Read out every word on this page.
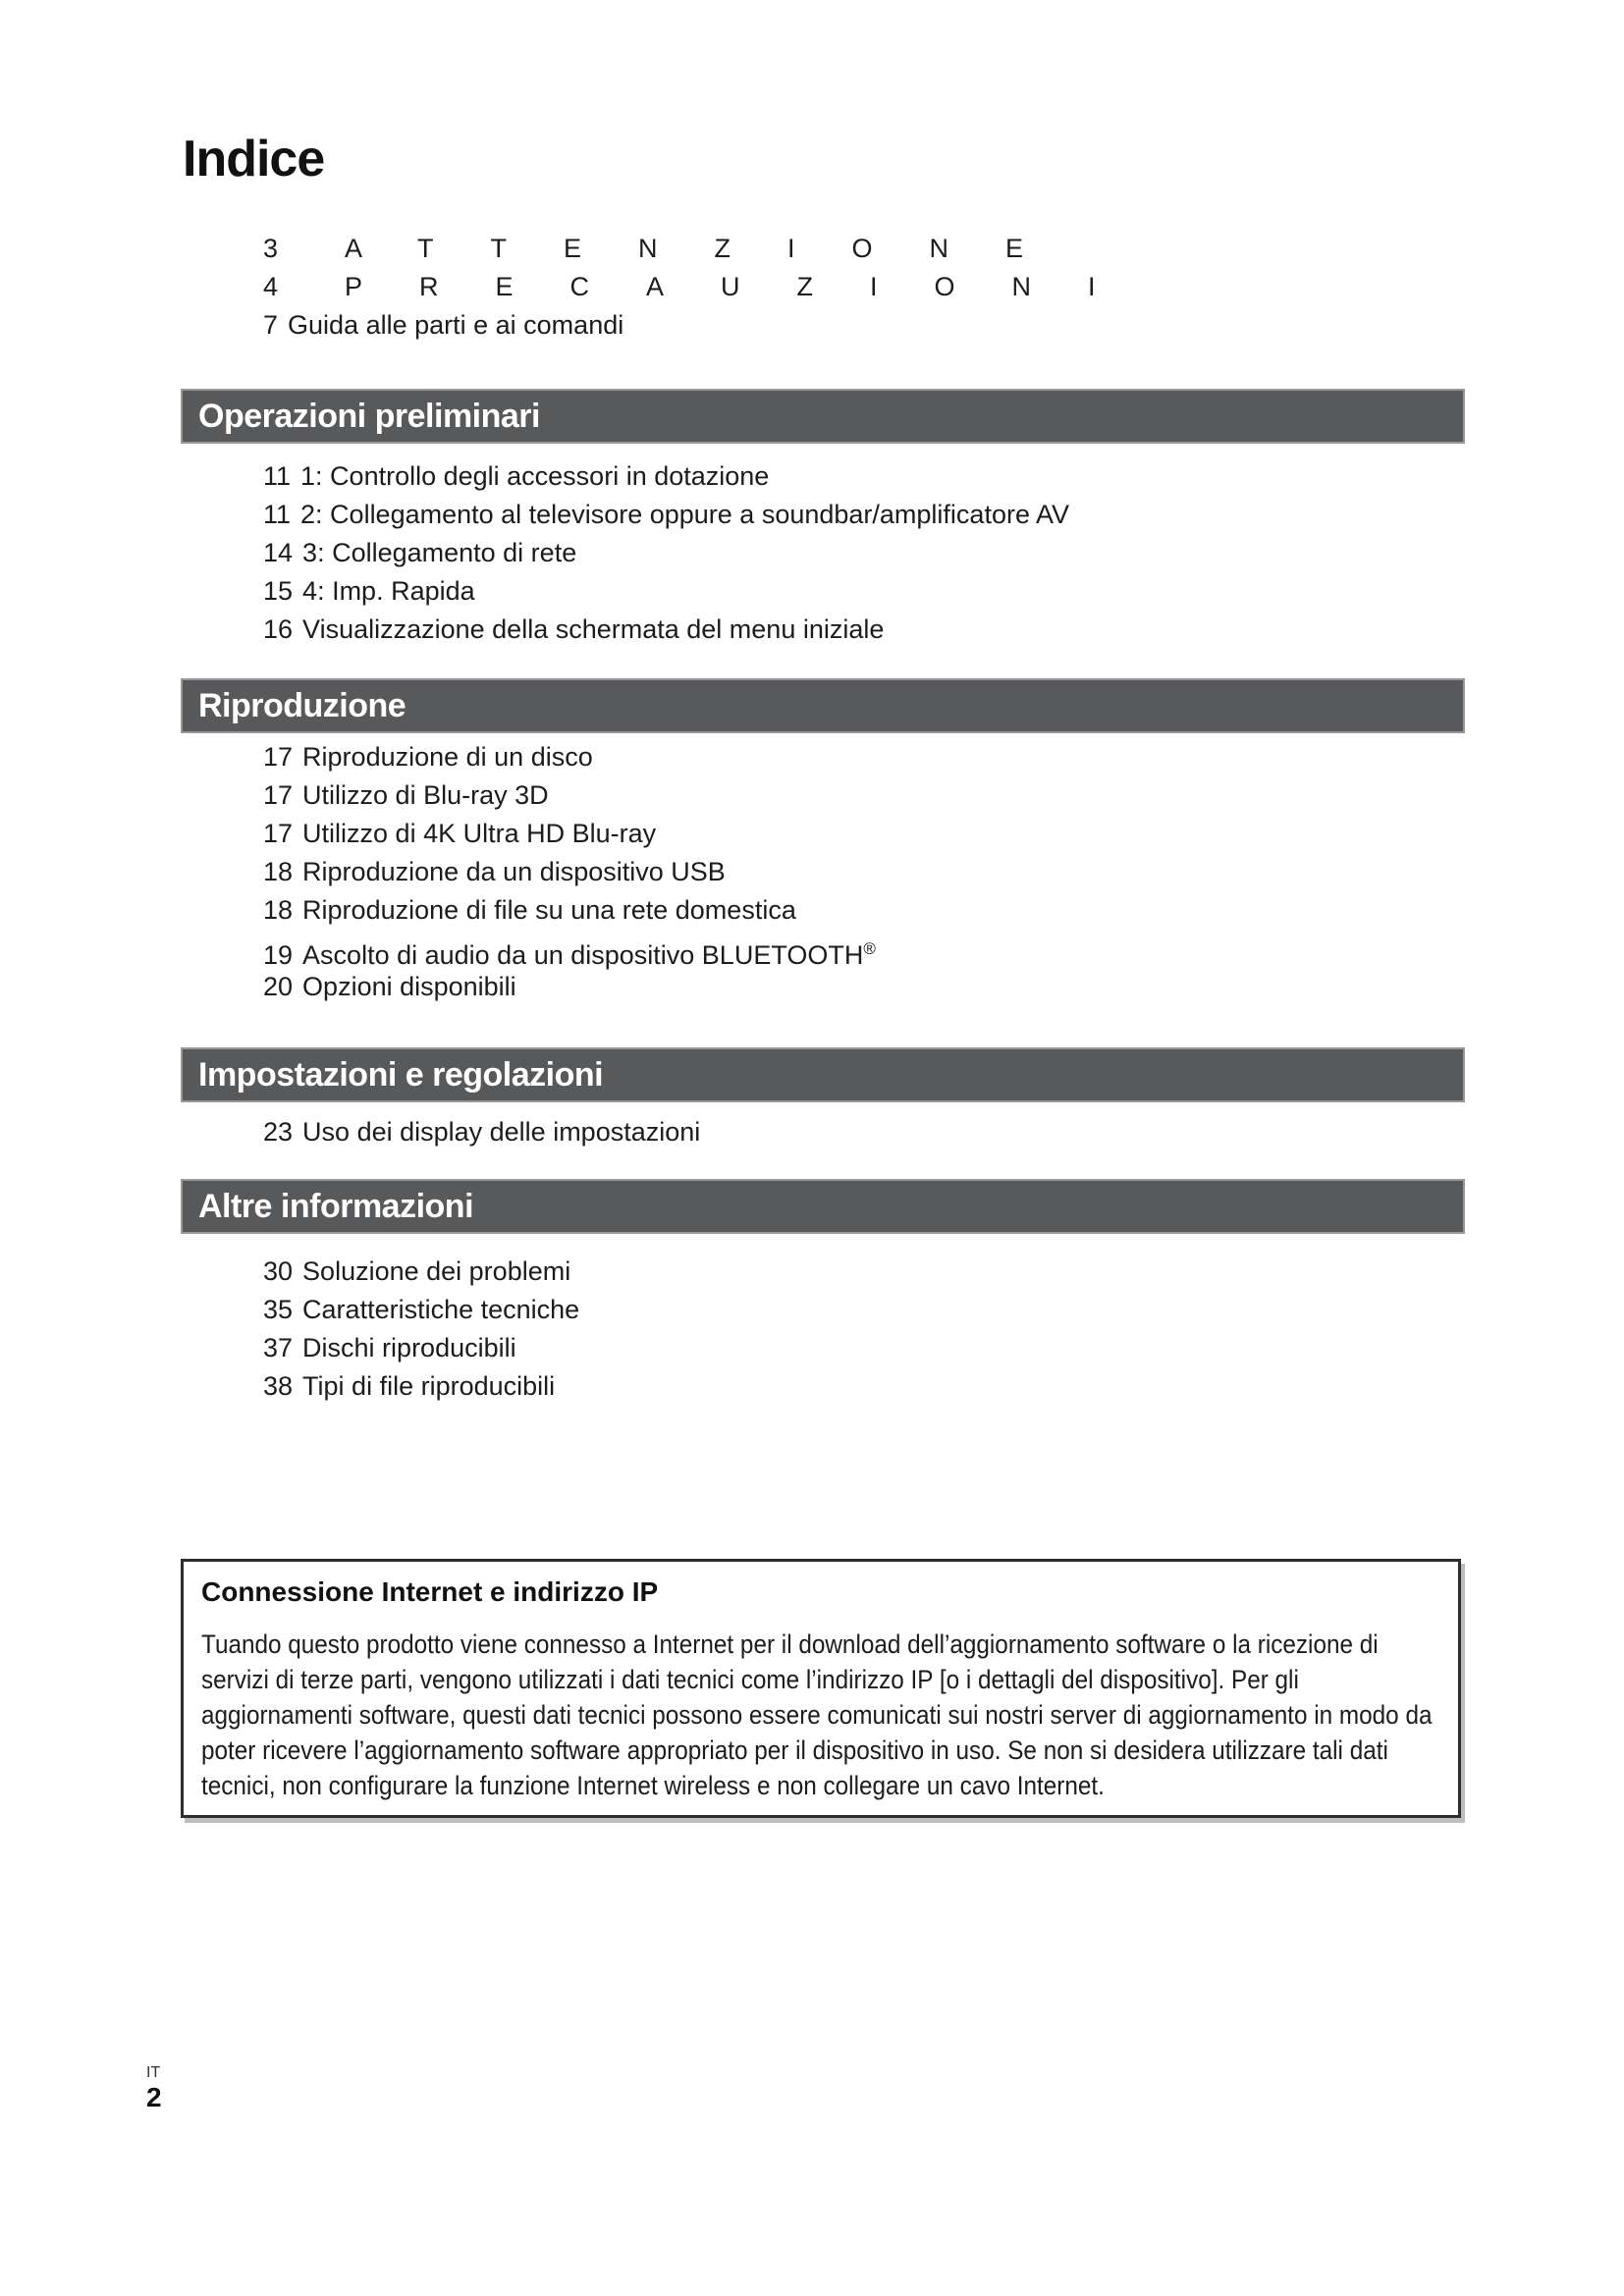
Indice
3	ATTENZIONE
4	PRECAUZIONI
7 Guida alle parti e ai comandi
Operazioni preliminari
11 1: Controllo degli accessori in dotazione
11 2: Collegamento al televisore oppure a soundbar/amplificatore AV
14 3: Collegamento di rete
15 4: Imp. Rapida
16 Visualizzazione della schermata del menu iniziale
Riproduzione
17 Riproduzione di un disco
17 Utilizzo di Blu-ray 3D
17 Utilizzo di 4K Ultra HD Blu-ray
18 Riproduzione da un dispositivo USB
18 Riproduzione di file su una rete domestica
19 Ascolto di audio da un dispositivo BLUETOOTH®
20 Opzioni disponibili
Impostazioni e regolazioni
23 Uso dei display delle impostazioni
Altre informazioni
30 Soluzione dei problemi
35 Caratteristiche tecniche
37 Dischi riproducibili
38 Tipi di file riproducibili
Connessione Internet e indirizzo IP

Tuando questo prodotto viene connesso a Internet per il download dell’aggiornamento software o la ricezione di servizi di terze parti, vengono utilizzati i dati tecnici come l’indirizzo IP [o i dettagli del dispositivo]. Per gli aggiornamenti software, questi dati tecnici possono essere comunicati sui nostri server di aggiornamento in modo da poter ricevere l’aggiornamento software appropriato per il dispositivo in uso. Se non si desidera utilizzare tali dati tecnici, non configurare la funzione Internet wireless e non collegare un cavo Internet.

IT
2
